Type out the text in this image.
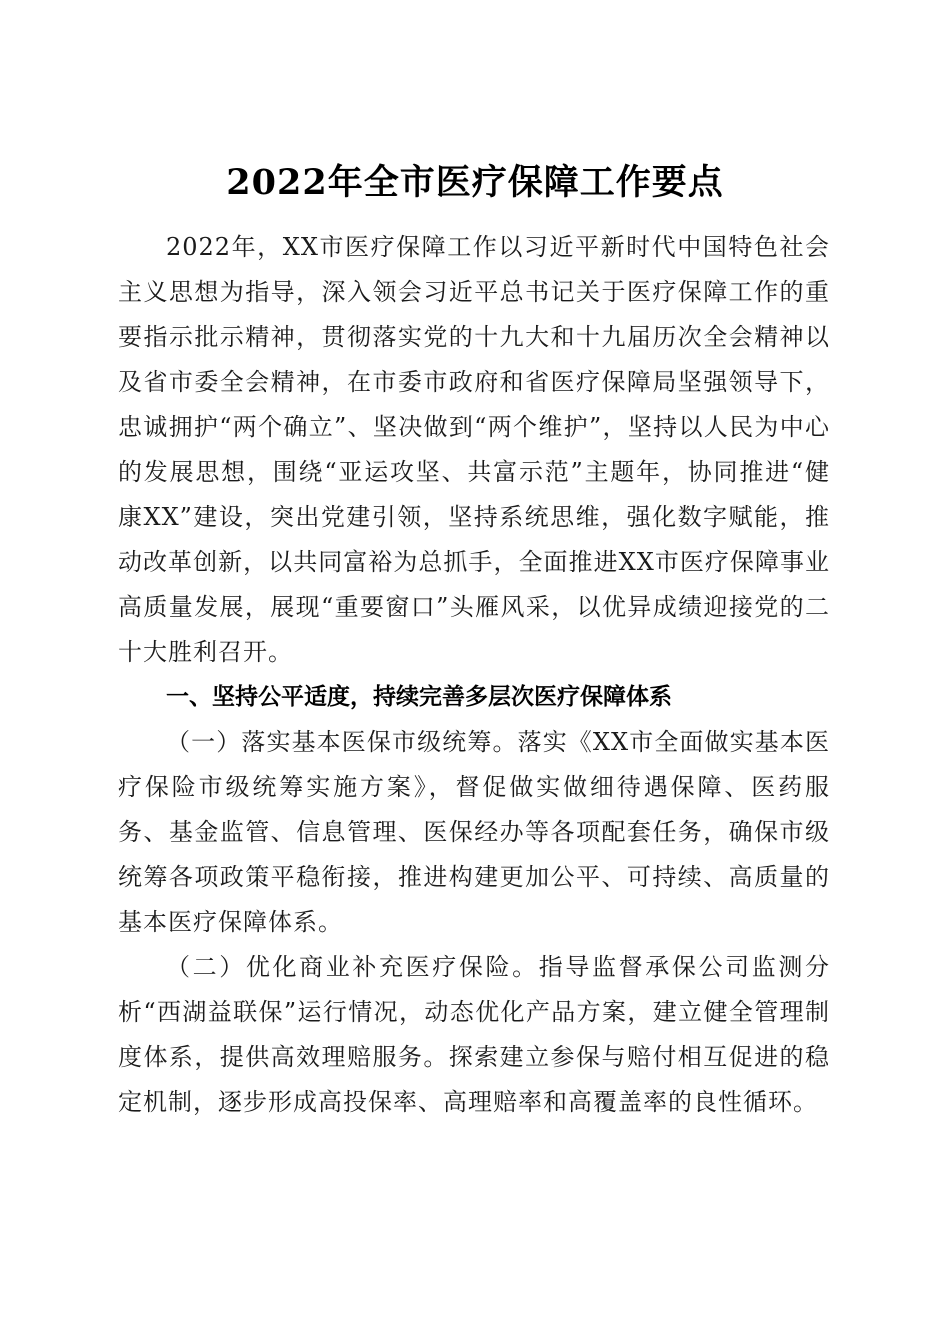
2022年全市医疗保障工作要点

2022年，XX市医疗保障工作以习近平新时代中国特色社会主义思想为指导，深入领会习近平总书记关于医疗保障工作的重要指示批示精神，贯彻落实党的十九大和十九届历次全会精神以及省市委全会精神，在市委市政府和省医疗保障局坚强领导下，忠诚拥护“两个确立”、坚决做到“两个维护”，坚持以人民为中心的发展思想，围绕“亚运攻坚、共富示范”主题年，协同推进“健康XX”建设，突出党建引领，坚持系统思维，强化数字赋能，推动改革创新，以共同富裕为总抓手，全面推进XX市医疗保障事业高质量发展，展现“重要窗口”头雁风采，以优异成绩迎接党的二十大胜利召开。

一、坚持公平适度，持续完善多层次医疗保障体系

（一）落实基本医保市级统筹。落实《XX市全面做实基本医疗保险市级统筹实施方案》，督促做实做细待遇保障、医药服务、基金监管、信息管理、医保经办等各项配套任务，确保市级统筹各项政策平稳衔接，推进构建更加公平、可持续、高质量的基本医疗保障体系。

（二）优化商业补充医疗保险。指导监督承保公司监测分析“西湖益联保”运行情况，动态优化产品方案，建立健全管理制度体系，提供高效理赔服务。探索建立参保与赔付相互促进的稳定机制，逐步形成高投保率、高理赔率和高覆盖率的良性循环。
